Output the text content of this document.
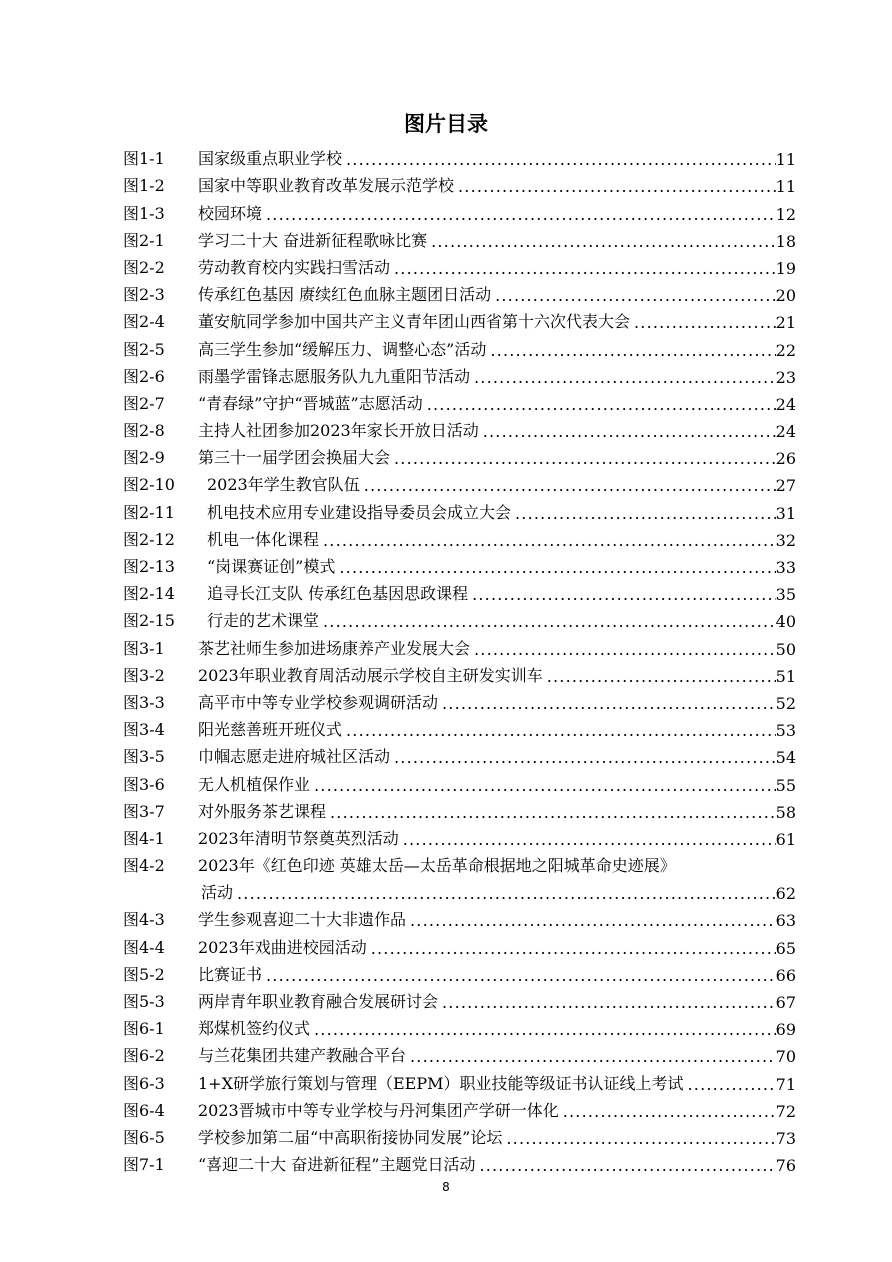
图片目录
图1-1	国家级重点职业学校 .....	11
图1-2	国家中等职业教育改革发展示范学校 .....	11
图1-3	校园环境 .....	12
图2-1	学习二十大 奋进新征程歌咏比赛 .....	18
图2-2	劳动教育校内实践扫雪活动 .....	19
图2-3	传承红色基因 赓续红色血脉主题团日活动 .....	20
图2-4	董安航同学参加中国共产主义青年团山西省第十六次代表大会 .....	21
图2-5	高三学生参加“缓解压力、调整心态”活动 .....	22
图2-6	雨墨学雷锋志愿服务队九九重阳节活动 .....	23
图2-7	“青春绿”守护“晋城蓝”志愿活动 .....	24
图2-8	主持人社团参加2023年家长开放日活动 .....	24
图2-9	第三十一届学团会换届大会 .....	26
图2-10	2023年学生教官队伍 .....	27
图2-11	机电技术应用专业建设指导委员会成立大会 .....	31
图2-12	机电一体化课程 .....	32
图2-13	“岗课赛证创”模式 .....	33
图2-14	追寻长江支队 传承红色基因思政课程 .....	35
图2-15	行走的艺术课堂 .....	40
图3-1	茶艺社师生参加进场康养产业发展大会 .....	50
图3-2	2023年职业教育周活动展示学校自主研发实训车 .....	51
图3-3	高平市中等专业学校参观调研活动 .....	52
图3-4	阳光慈善班开班仪式 .....	53
图3-5	巾帼志愿走进府城社区活动 .....	54
图3-6	无人机植保作业 .....	55
图3-7	对外服务茶艺课程 .....	58
图4-1	2023年清明节祭奠英烈活动 .....	61
图4-2	2023年《红色印迹 英雄太岳—太岳革命根据地之阳城革命史迹展》
活动 .....	62
图4-3	学生参观喜迎二十大非遗作品 .....	63
图4-4	2023年戏曲进校园活动 .....	65
图5-2	比赛证书 .....	66
图5-3	两岸青年职业教育融合发展研讨会 .....	67
图6-1	郑煤机签约仪式 .....	69
图6-2	与兰花集团共建产教融合平台 .....	70
图6-3	1+X研学旅行策划与管理（EEPM）职业技能等级证书认证线上考试 .....	71
图6-4	2023晋城市中等专业学校与丹河集团产学研一体化 .....	72
图6-5	学校参加第二届“中高职衔接协同发展”论坛 .....	73
图7-1	“喜迎二十大 奋进新征程”主题党日活动 .....	76
8
